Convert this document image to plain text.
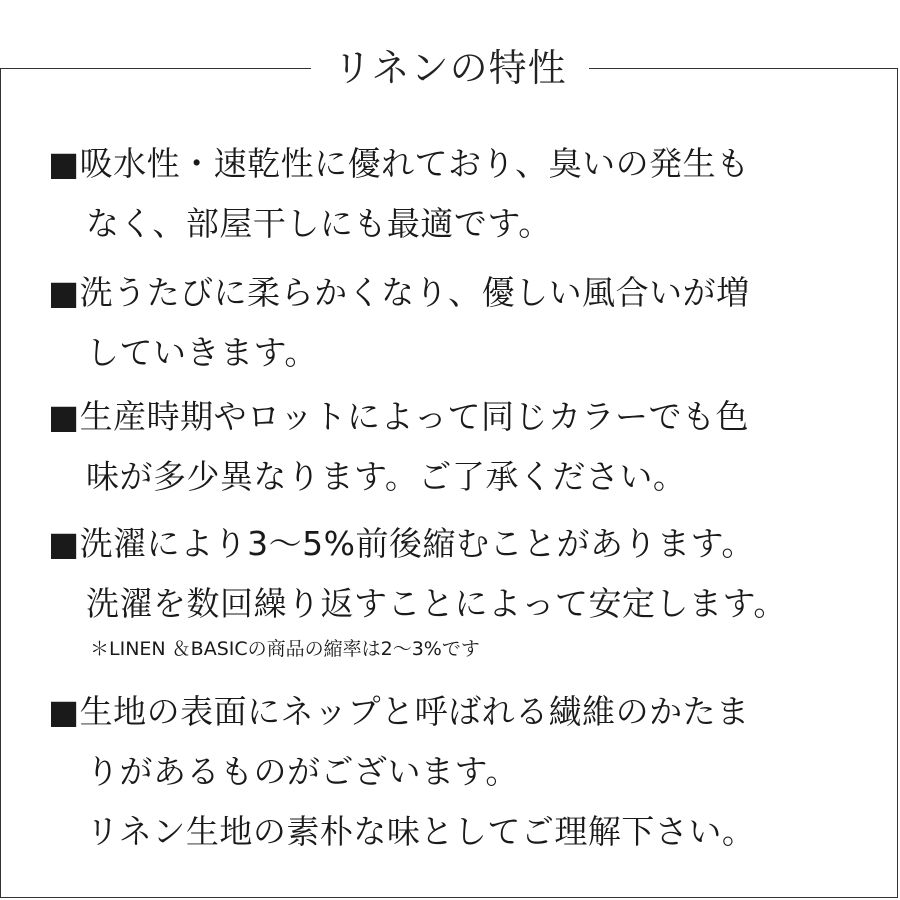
リネンの特性
■吸水性・速乾性に優れており、臭いの発生も
なく、部屋干しにも最適です。
■洗うたびに柔らかくなり、優しい風合いが増
していきます。
■生産時期やロットによって同じカラーでも色
味が多少異なります。ご了承ください。
■洗濯により3〜5%前後縮むことがあります。
洗濯を数回繰り返すことによって安定します。
＊LINEN ＆BASICの商品の縮率は2〜3%です
■生地の表面にネップと呼ばれる繊維のかたま
りがあるものがございます。
リネン生地の素朴な味としてご理解下さい。
